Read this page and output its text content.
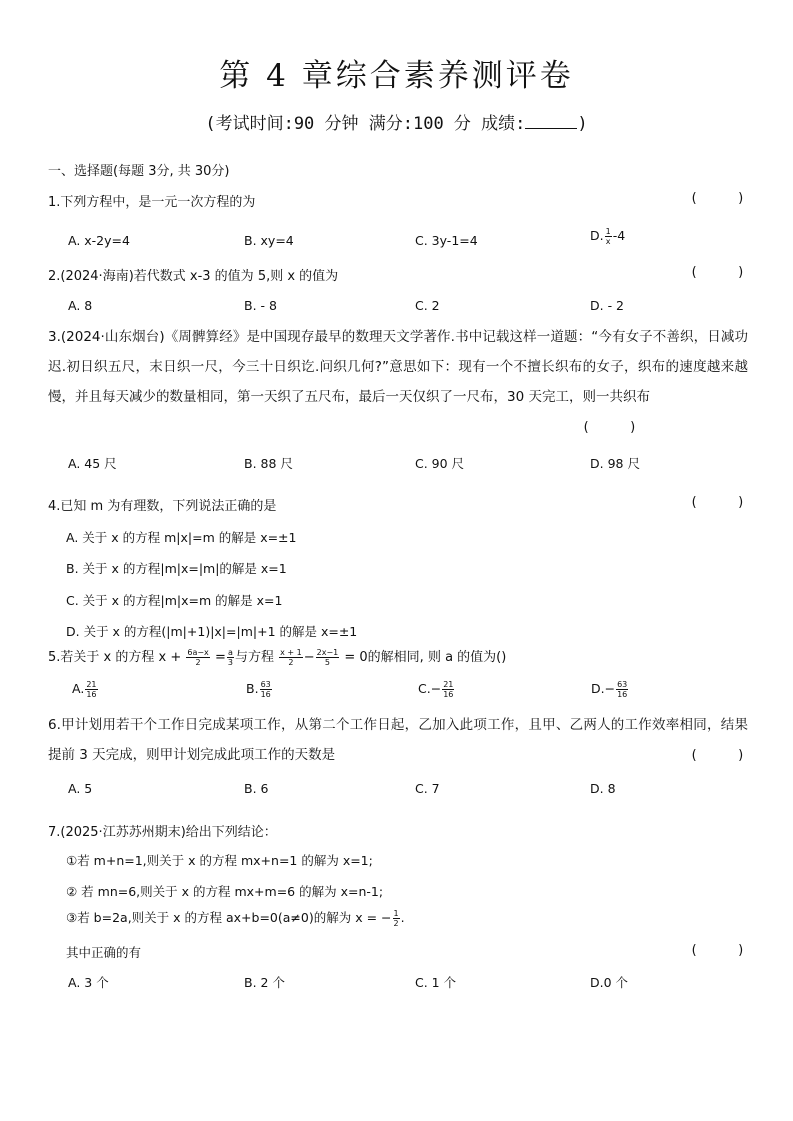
第 4 章综合素养测评卷
(考试时间:90 分钟 满分:100 分 成绩:	)
一、选择题(每题 3分, 共 30分)
1.下列方程中，是一元一次方程的为	(     )
A. x-2y=4	B. xy=4	C. 3y-1=4	D. $\frac{1}{x} -4$
2.(2024·海南)若代数式 x-3 的值为 5,则 x 的值为	(     )
A. 8	B. - 8	C. 2	D. - 2
3.(2024·山东烟台)《周髀算经》是中国现存最早的数理天文学著作.书中记载这样一道题：“今有女子不善织，日减功迟.初日织五尺，末日织一尺，今三十日织讫.问织几何?”意思如下：现有一个不擅长织布的女子，织布的速度越来越慢，并且每天减少的数量相同，第一天织了五尺布，最后一天仅织了一尺布，30 天完工，则一共织布
(     )
A. 45 尺	B. 88 尺	C. 90 尺	D. 98 尺
4.已知 m 为有理数，下列说法正确的是	(     )
A. 关于 x 的方程 m|x|=m 的解是 x=±1
B. 关于 x 的方程|m|x=|m|的解是 x=1
C. 关于 x 的方程|m|x=m 的解是 x=1
D. 关于 x 的方程(|m|+1)|x|=|m|+1 的解是 x=±1
5.若关于 x 的方程 $x + \frac{6a-x}{2} = \frac{a}{3}$ 与方程 $\frac{x + 1}{2} - \frac{2x-1}{5} = 0$的解相同, 则 a 的值为()
A. $\frac{21}{16}$	B. $\frac{63}{16}$	$C.- \frac{21}{16}$	$D.- \frac{63}{16}$
6.甲计划用若干个工作日完成某项工作，从第二个工作日起，乙加入此项工作，且甲、乙两人的工作效率相同，结果提前 3 天完成，则甲计划完成此项工作的天数是	(     )
A. 5	B. 6	C. 7	D. 8
7.(2025·江苏苏州期末)给出下列结论：
①若 m+n=1,则关于 x 的方程 mx+n=1 的解为 x=1;
② 若 mn=6,则关于 x 的方程 mx+m=6 的解为 x=n-1;
③若 b=2a,则关于 x 的方程 ax+b=0(a≠0)的解为 x = − $\frac{1}{2}$ .
其中正确的有	(     )
A. 3 个	B. 2 个	C. 1 个	D.0 个
